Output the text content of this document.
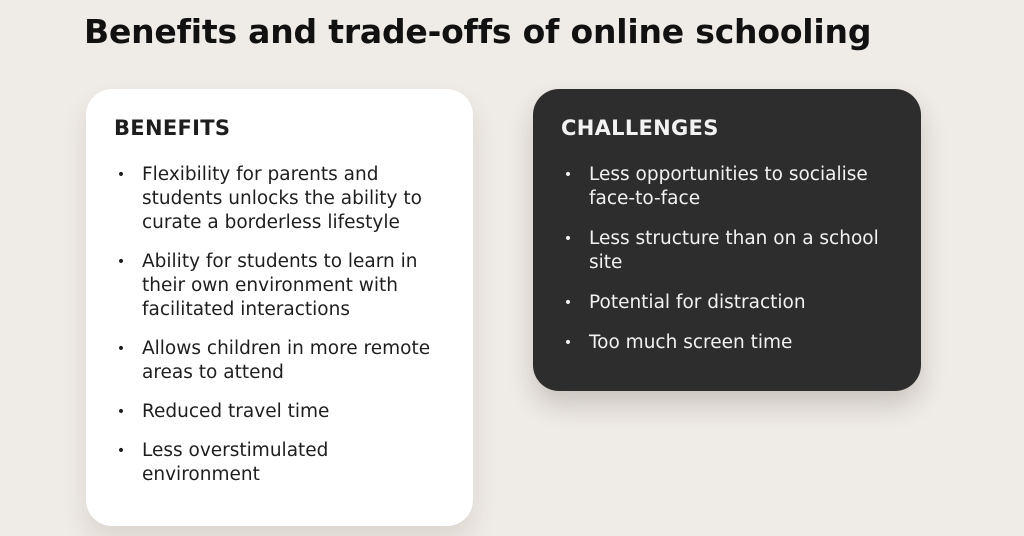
Benefits and trade-offs of online schooling
BENEFITS
• Flexibility for parents and students unlocks the ability to curate a borderless lifestyle
• Ability for students to learn in their own environment with facilitated interactions
• Allows children in more remote areas to attend
• Reduced travel time
• Less overstimulated environment
CHALLENGES
• Less opportunities to socialise face-to-face
• Less structure than on a school site
• Potential for distraction
• Too much screen time
